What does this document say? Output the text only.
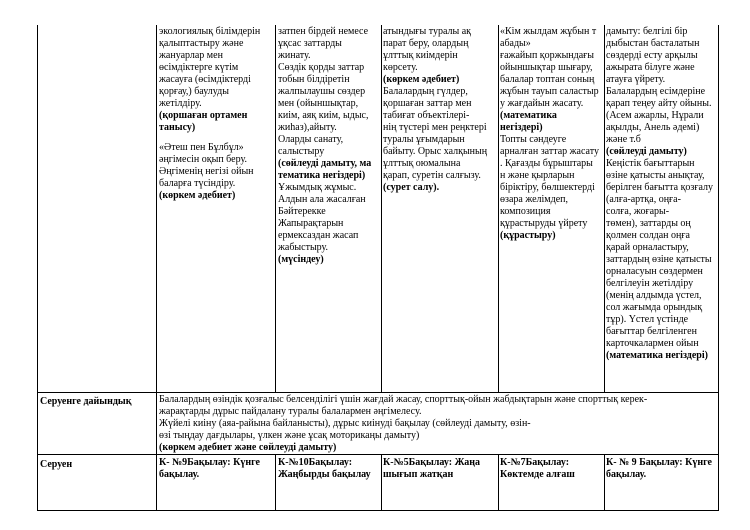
экологиялық білімдерін

қалыптастыру және

жануарлар мен

өсімдіктерге күтім

жасауға (өсімдіктерді

қорғау,) баулуды

жетілдіру.

(қоршаған ортамен

танысу)

«Әтеш пен Бұлбұл»

әңгімесін оқып беру.

Әңгіменің негізі ойын

баларға түсіндіру.

(көркем әдебиет)

затпен бірдей немесе

ұқсас заттарды

жинату.

Сөздік қорды заттар

тобын білдіретін

жалпылаушы сөздер

мен (ойыншықтар,

киім, аяқ киім, ыдыс,

жиhаз),айыту.

Оларды санату,

салыстыру

(сөйлеуді дамыту, ма

тематика негіздері)

Ұжымдық жұмыс.

Алдын ала жасалған

Бәйтерекке

Жапырақтарын

ермексаздан жасап

жабыстыру.

(мүсіндеу)

атындығы туралы ақ

парат беру, олардың

ұлттық киімдерін

көрсету.

(көркем әдебиет)

Балалардың гүлдер,

қоршаған заттар мен

табиғат объектілері-

нің түстері мен реңктері

туралы ұғымдарын

байыту. Орыс халқының

ұлттық оюмалына

қарап, суретін салғызу.

(сурет салу).

«Кім жылдам жұбын т

абады»

ғажайып қоржындағы

ойыншықтар шығару,

балалар топтан соның

жұбын тауып саластыр

у жағдайын жасату.

(математика

негіздері)

Топты сәндеуге

арналған заттар жасату

. Қағазды бұрыштары

н және қырларын

біріктіру, бөлшектерді

өзара желімдеп,

композиция

құрастыруды үйрету

(құрастыру)

дамыту: белгілі бір

дыбыстан басталатын

сөздерді есту арқылы

ажырата білуге және

атауға үйрету.

Балалардың есімдеріне

қарап теңеу айту ойыны.

(Асем ажарлы, Нұрали

ақылды, Анель әдемі)

және т.б

(сөйлеуді дамыту)

Кеңістік бағыттарын

өзіне қатысты анықтау,

берілген бағытта қозғалу

(алға-артқа, оңға-

солға, жоғары-

төмен), заттарды оң

қолмен солдан оңға

қарай орналастыру,

заттардың өзіне қатысты

орналасуын сөздермен

белгілеуін жетілдіру

(менің алдымда үстел,

сол жағымда орындық

тұр). Үстел үстінде

бағыттар белгіленген

карточкалармен ойын

(математика негіздері)

Серуенге дайындық	Балалардың өзіндік қозғалыс белсенділігі үшін жағдай жасау, спорттық-ойын жабдықтарын және спорттық керек-

жарақтарды дұрыс пайдалану туралы балалармен әңгімелесу.

Жүйелі киіну (аяа-райына байланысты), дұрыс киінуді бақылау (сөйлеуді дамыту, өзін-

өзі тыңдау дағдылары, үлкен және ұсақ моторикаңы дамыту)

(көркем әдебиет және сөйлеуді дамыту)

Серуен	К- №9Бақылау: Күнге

бақылау.

К-№10Бақылау:

Жаңбырды бақылау

К-№5Бақылау: Жаңа

шығып жатқан

К-№7Бақылау:

Көктемде алғаш

К- № 9 Бақылау: Күнге

бақылау.
